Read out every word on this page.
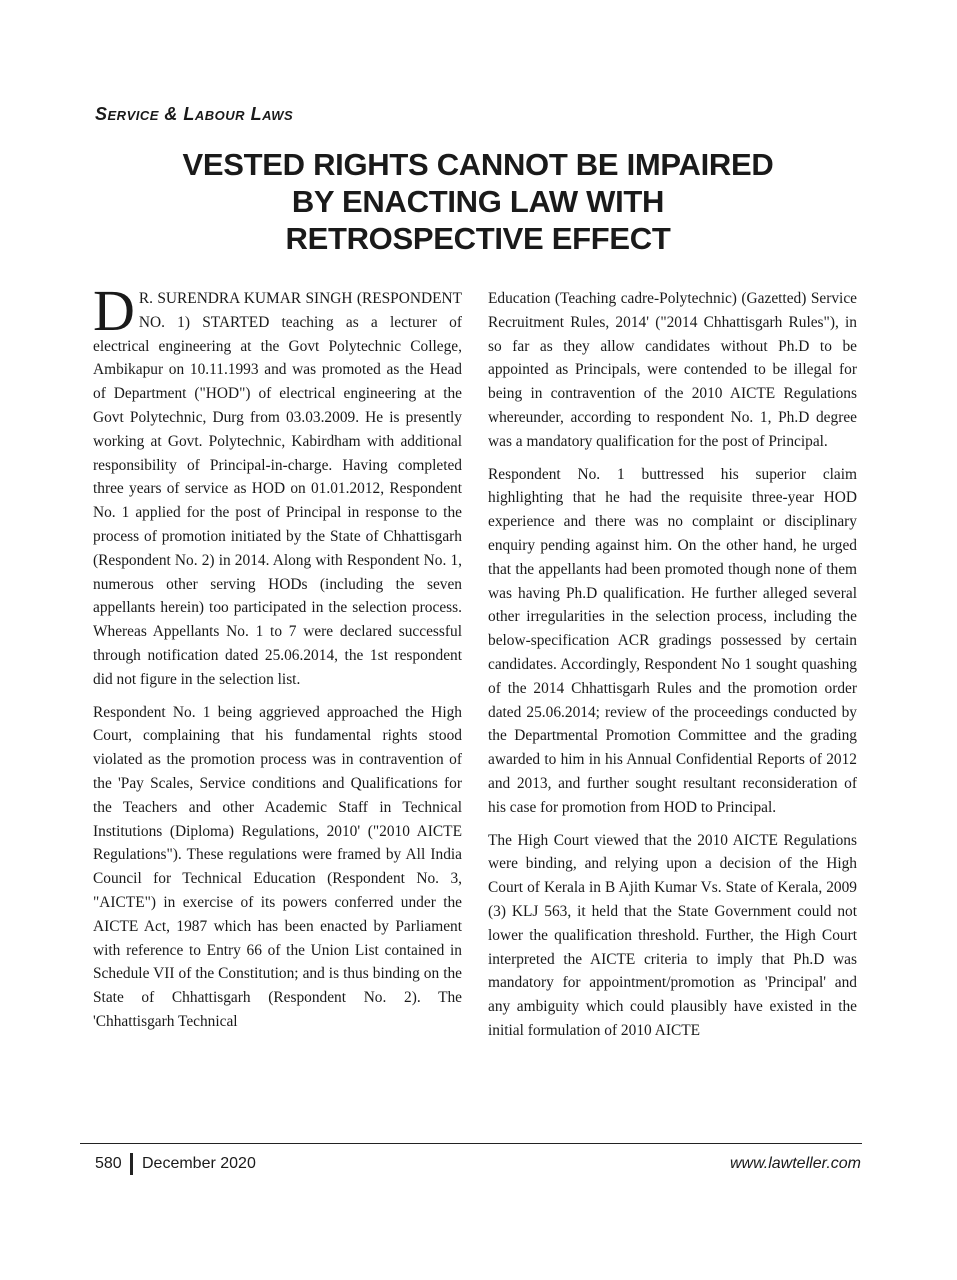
Service & Labour Laws
VESTED RIGHTS CANNOT BE IMPAIRED
BY ENACTING LAW WITH
RETROSPECTIVE EFFECT

D R. SURENDRA KUMAR SINGH (RESPONDENT NO. 1) STARTED teaching as a lecturer of electrical engineering at the Govt Polytechnic College, Ambikapur on 10.11.1993 and was promoted as the Head of Department ("HOD") of electrical engineering at the Govt Polytechnic, Durg from 03.03.2009. He is presently working at Govt. Polytechnic, Kabirdham with additional responsibility of Principal-in-charge. Having completed three years of service as HOD on 01.01.2012, Respondent No. 1 applied for the post of Principal in response to the process of promotion initiated by the State of Chhattisgarh (Respondent No. 2) in 2014. Along with Respondent No. 1, numerous other serving HODs (including the seven appellants herein) too participated in the selection process. Whereas Appellants No. 1 to 7 were declared successful through notification dated 25.06.2014, the 1st respondent did not figure in the selection list.

Respondent No. 1 being aggrieved approached the High Court, complaining that his fundamental rights stood violated as the promotion process was in contravention of the 'Pay Scales, Service conditions and Qualifications for the Teachers and other Academic Staff in Technical Institutions (Diploma) Regulations, 2010' ("2010 AICTE Regulations"). These regulations were framed by All India Council for Technical Education (Respondent No. 3, "AICTE") in exercise of its powers conferred under the AICTE Act, 1987 which has been enacted by Parliament with reference to Entry 66 of the Union List contained in Schedule VII of the Constitution; and is thus binding on the State of Chhattisgarh (Respondent No. 2). The 'Chhattisgarh Technical

Education (Teaching cadre-Polytechnic) (Gazetted) Service Recruitment Rules, 2014' ("2014 Chhattisgarh Rules"), in so far as they allow candidates without Ph.D to be appointed as Principals, were contended to be illegal for being in contravention of the 2010 AICTE Regulations whereunder, according to respondent No. 1, Ph.D degree was a mandatory qualification for the post of Principal.

Respondent No. 1 buttressed his superior claim highlighting that he had the requisite three-year HOD experience and there was no complaint or disciplinary enquiry pending against him. On the other hand, he urged that the appellants had been promoted though none of them was having Ph.D qualification. He further alleged several other irregularities in the selection process, including the below-specification ACR gradings possessed by certain candidates. Accordingly, Respondent No 1 sought quashing of the 2014 Chhattisgarh Rules and the promotion order dated 25.06.2014; review of the proceedings conducted by the Departmental Promotion Committee and the grading awarded to him in his Annual Confidential Reports of 2012 and 2013, and further sought resultant reconsideration of his case for promotion from HOD to Principal.

The High Court viewed that the 2010 AICTE Regulations were binding, and relying upon a decision of the High Court of Kerala in B Ajith Kumar Vs. State of Kerala, 2009 (3) KLJ 563, it held that the State Government could not lower the qualification threshold. Further, the High Court interpreted the AICTE criteria to imply that Ph.D was mandatory for appointment/promotion as 'Principal' and any ambiguity which could plausibly have existed in the initial formulation of 2010 AICTE

580 December 2020	www.lawteller.com
